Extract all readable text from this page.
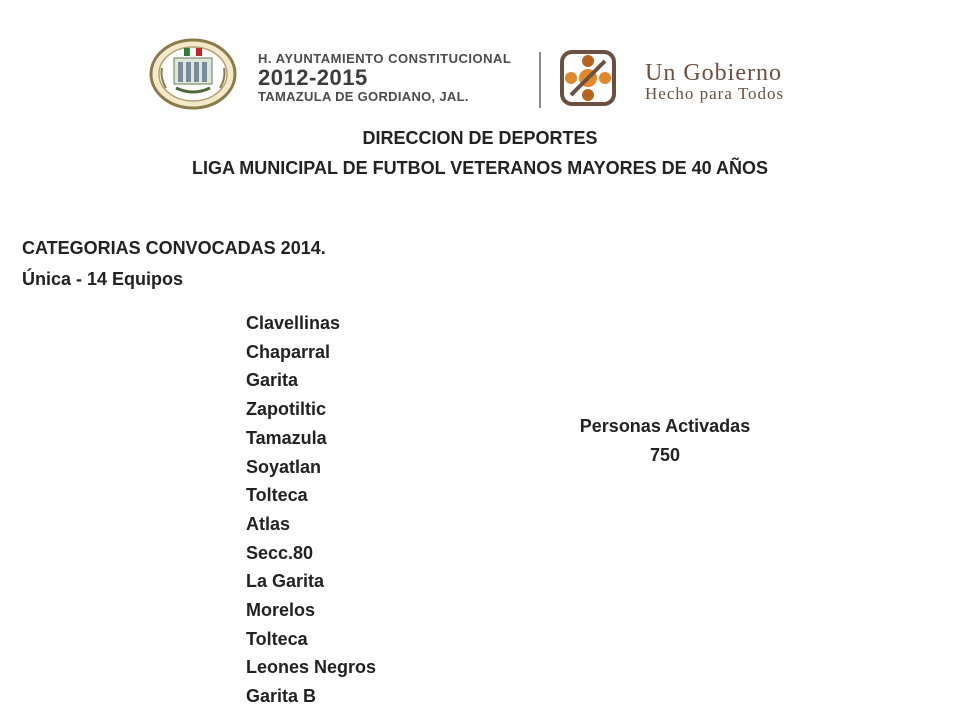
H. AYUNTAMIENTO CONSTITUCIONAL
2012-2015
TAMAZULA DE GORDIANO, JAL.
Un Gobierno
Hecho para Todos
DIRECCION DE DEPORTES
LIGA MUNICIPAL DE FUTBOL VETERANOS MAYORES DE 40 AÑOS
CATEGORIAS CONVOCADAS 2014.
Única - 14 Equipos
Clavellinas
Chaparral
Garita
Zapotiltic
Tamazula
Soyatlan
Tolteca
Atlas
Secc.80
La Garita
Morelos
Tolteca
Leones Negros
Garita B
Personas Activadas
750
